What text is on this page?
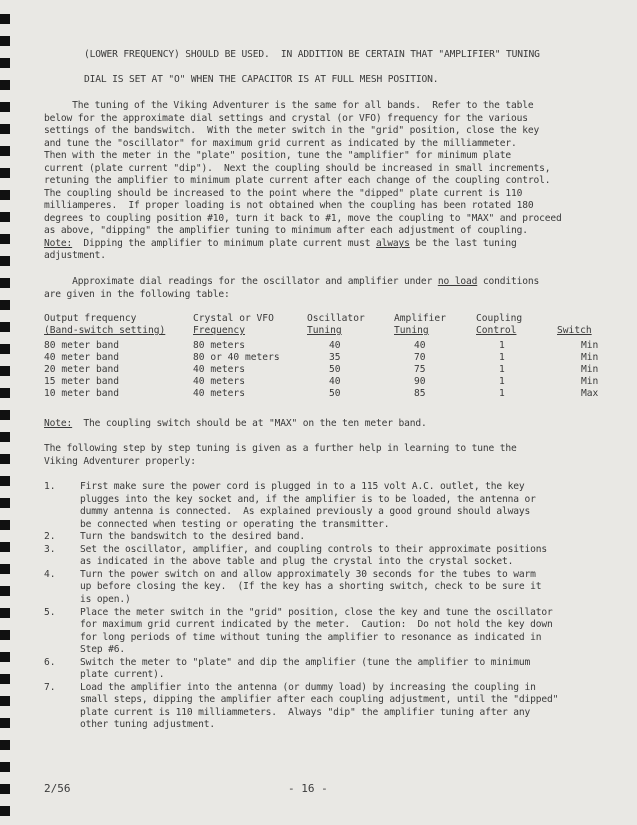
(LOWER FREQUENCY) SHOULD BE USED.  IN ADDITION BE CERTAIN THAT "AMPLIFIER" TUNING
DIAL IS SET AT "O" WHEN THE CAPACITOR IS AT FULL MESH POSITION.
The tuning of the Viking Adventurer is the same for all bands.  Refer to the table
below for the approximate dial settings and crystal (or VFO) frequency for the various
settings of the bandswitch.  With the meter switch in the "grid" position, close the key
and tune the "oscillator" for maximum grid current as indicated by the milliammeter.
Then with the meter in the "plate" position, tune the "amplifier" for minimum plate
current (plate current "dip").  Next the coupling should be increased in small increments,
retuning the amplifier to minimum plate current after each change of the coupling control.
The coupling should be increased to the point where the "dipped" plate current is 110
milliamperes.  If proper loading is not obtained when the coupling has been rotated 180
degrees to coupling position #10, turn it back to #1, move the coupling to "MAX" and proceed
as above, "dipping" the amplifier tuning to minimum after each adjustment of coupling.
Note:  Dipping the amplifier to minimum plate current must always be the last tuning
adjustment.
Approximate dial readings for the oscillator and amplifier under no load conditions
are given in the following table:
Output frequency	Crystal or VFO	Oscillator	Amplifier	Coupling
(Band-switch setting)	Frequency	Tuning	Tuning	Control	Switch
80 meter band	80 meters	40	40	1	Min
40 meter band	80 or 40 meters	35	70	1	Min
20 meter band	40 meters	50	75	1	Min
15 meter band	40 meters	40	90	1	Min
10 meter band	40 meters	50	85	1	Max
Note:  The coupling switch should be at "MAX" on the ten meter band.
The following step by step tuning is given as a further help in learning to tune the
Viking Adventurer properly:
1.	First make sure the power cord is plugged in to a 115 volt A.C. outlet, the key
plugges into the key socket and, if the amplifier is to be loaded, the antenna or
dummy antenna is connected.  As explained previously a good ground should always
be connected when testing or operating the transmitter.
2.	Turn the bandswitch to the desired band.
3.	Set the oscillator, amplifier, and coupling controls to their approximate positions
as indicated in the above table and plug the crystal into the crystal socket.
4.	Turn the power switch on and allow approximately 30 seconds for the tubes to warm
up before closing the key.  (If the key has a shorting switch, check to be sure it
is open.)
5.	Place the meter switch in the "grid" position, close the key and tune the oscillator
for maximum grid current indicated by the meter.  Caution:  Do not hold the key down
for long periods of time without tuning the amplifier to resonance as indicated in
Step #6.
6.	Switch the meter to "plate" and dip the amplifier (tune the amplifier to minimum
plate current).
7.	Load the amplifier into the antenna (or dummy load) by increasing the coupling in
small steps, dipping the amplifier after each coupling adjustment, until the "dipped"
plate current is 110 milliammeters.  Always "dip" the amplifier tuning after any
other tuning adjustment.
2/56	- 16 -
